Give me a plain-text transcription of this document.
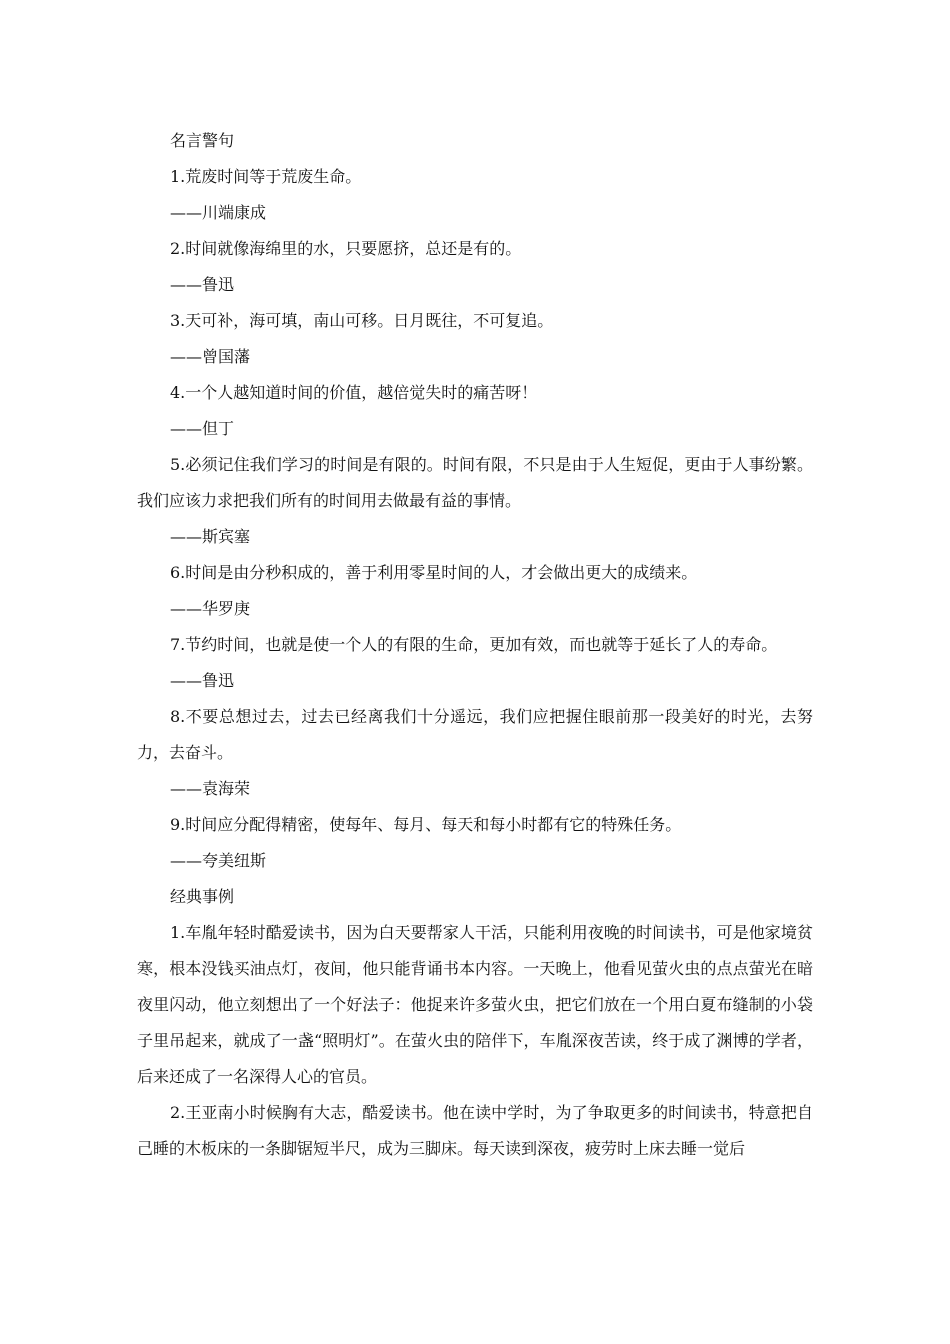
名言警句
1.荒废时间等于荒废生命。
——川端康成
2.时间就像海绵里的水，只要愿挤，总还是有的。
——鲁迅
3.天可补，海可填，南山可移。日月既往，不可复追。
——曾国藩
4.一个人越知道时间的价值，越倍觉失时的痛苦呀！
——但丁
5.必须记住我们学习的时间是有限的。时间有限，不只是由于人生短促，更由于人事纷繁。我们应该力求把我们所有的时间用去做最有益的事情。
——斯宾塞
6.时间是由分秒积成的，善于利用零星时间的人，才会做出更大的成绩来。
——华罗庚
7.节约时间，也就是使一个人的有限的生命，更加有效，而也就等于延长了人的寿命。
——鲁迅
8.不要总想过去，过去已经离我们十分遥远，我们应把握住眼前那一段美好的时光，去努力，去奋斗。
——袁海荣
9.时间应分配得精密，使每年、每月、每天和每小时都有它的特殊任务。
——夸美纽斯
经典事例
1.车胤年轻时酷爱读书，因为白天要帮家人干活，只能利用夜晚的时间读书，可是他家境贫寒，根本没钱买油点灯，夜间，他只能背诵书本内容。一天晚上，他看见萤火虫的点点萤光在暗夜里闪动，他立刻想出了一个好法子：他捉来许多萤火虫，把它们放在一个用白夏布缝制的小袋子里吊起来，就成了一盏“照明灯”。在萤火虫的陪伴下，车胤深夜苦读，终于成了渊博的学者，后来还成了一名深得人心的官员。
2.王亚南小时候胸有大志，酷爱读书。他在读中学时，为了争取更多的时间读书，特意把自己睡的木板床的一条脚锯短半尺，成为三脚床。每天读到深夜，疲劳时上床去睡一觉后
